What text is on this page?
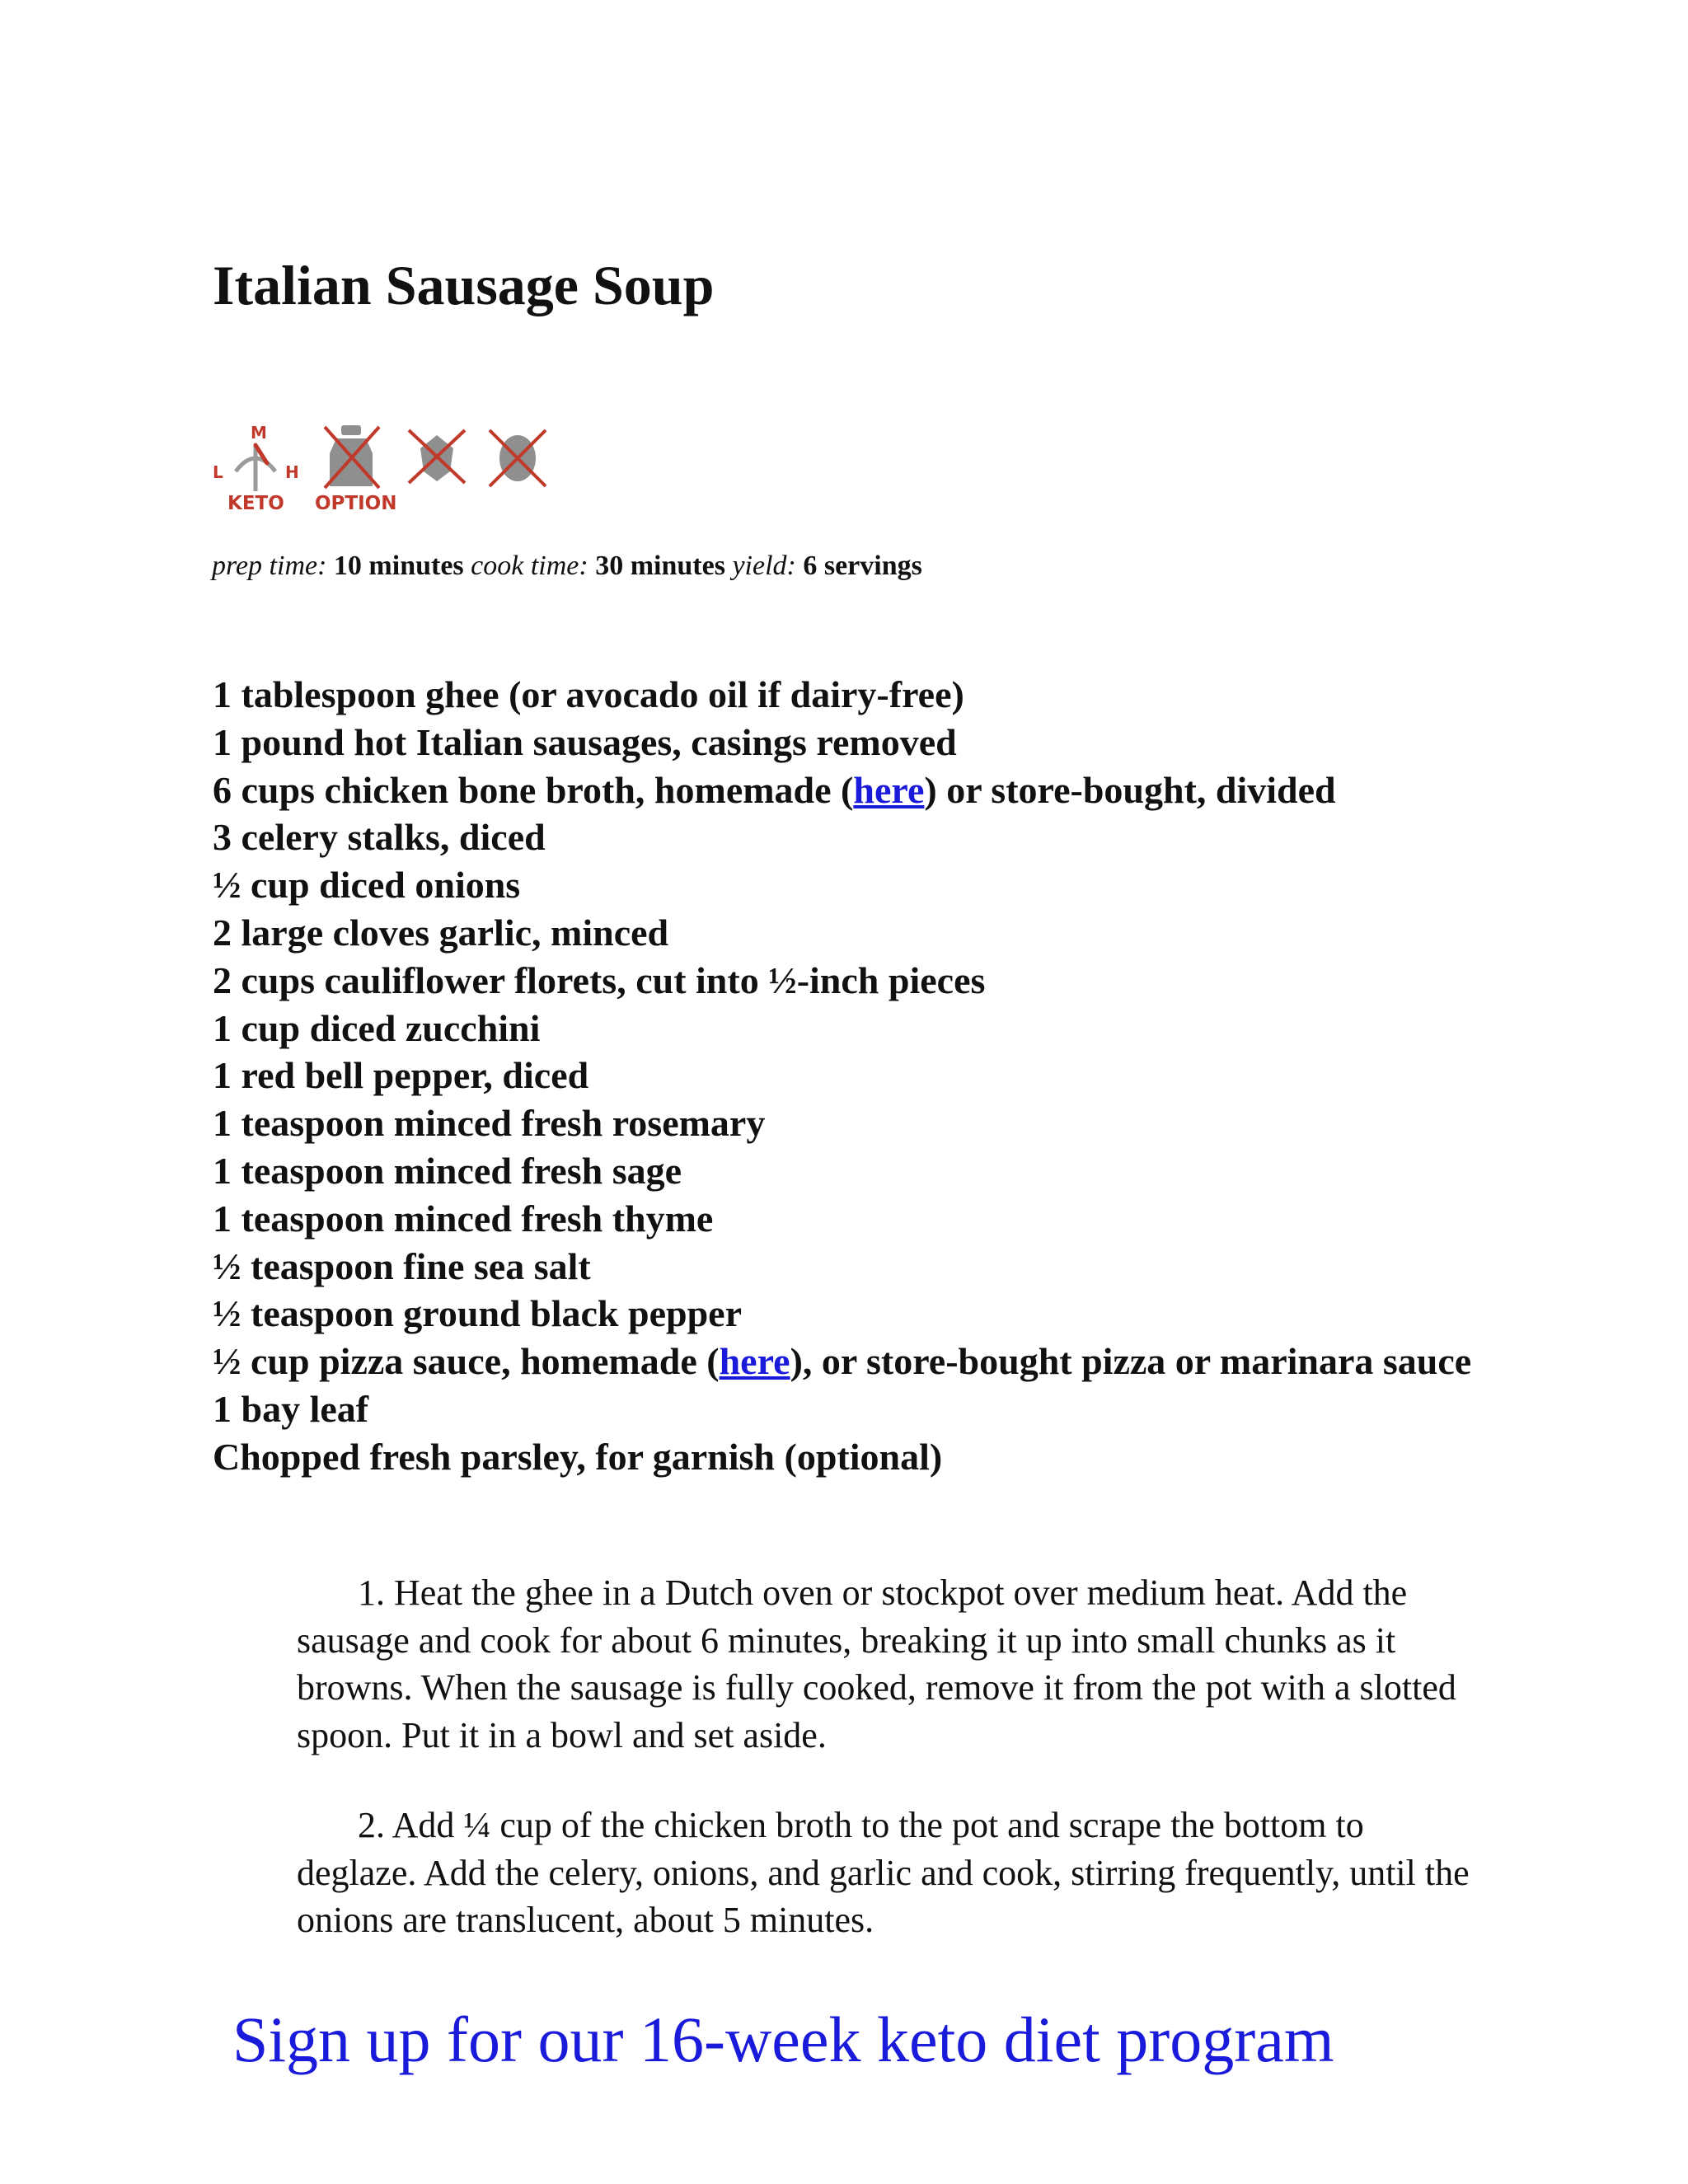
Italian Sausage Soup
M
L	H
KETO OPTION
prep time: 10 minutes cook time: 30 minutes yield: 6 servings
1 tablespoon ghee (or avocado oil if dairy-free)
1 pound hot Italian sausages, casings removed
6 cups chicken bone broth, homemade (here) or store-bought, divided
3 celery stalks, diced
½ cup diced onions
2 large cloves garlic, minced
2 cups cauliflower florets, cut into ½-inch pieces
1 cup diced zucchini
1 red bell pepper, diced
1 teaspoon minced fresh rosemary
1 teaspoon minced fresh sage
1 teaspoon minced fresh thyme
½ teaspoon fine sea salt
½ teaspoon ground black pepper
½ cup pizza sauce, homemade (here), or store-bought pizza or marinara sauce
1 bay leaf
Chopped fresh parsley, for garnish (optional)

1. Heat the ghee in a Dutch oven or stockpot over medium heat. Add the sausage and cook for about 6 minutes, breaking it up into small chunks as it browns. When the sausage is fully cooked, remove it from the pot with a slotted spoon. Put it in a bowl and set aside.

2. Add ¼ cup of the chicken broth to the pot and scrape the bottom to deglaze. Add the celery, onions, and garlic and cook, stirring frequently, until the onions are translucent, about 5 minutes.

Sign up for our 16-week keto diet program
